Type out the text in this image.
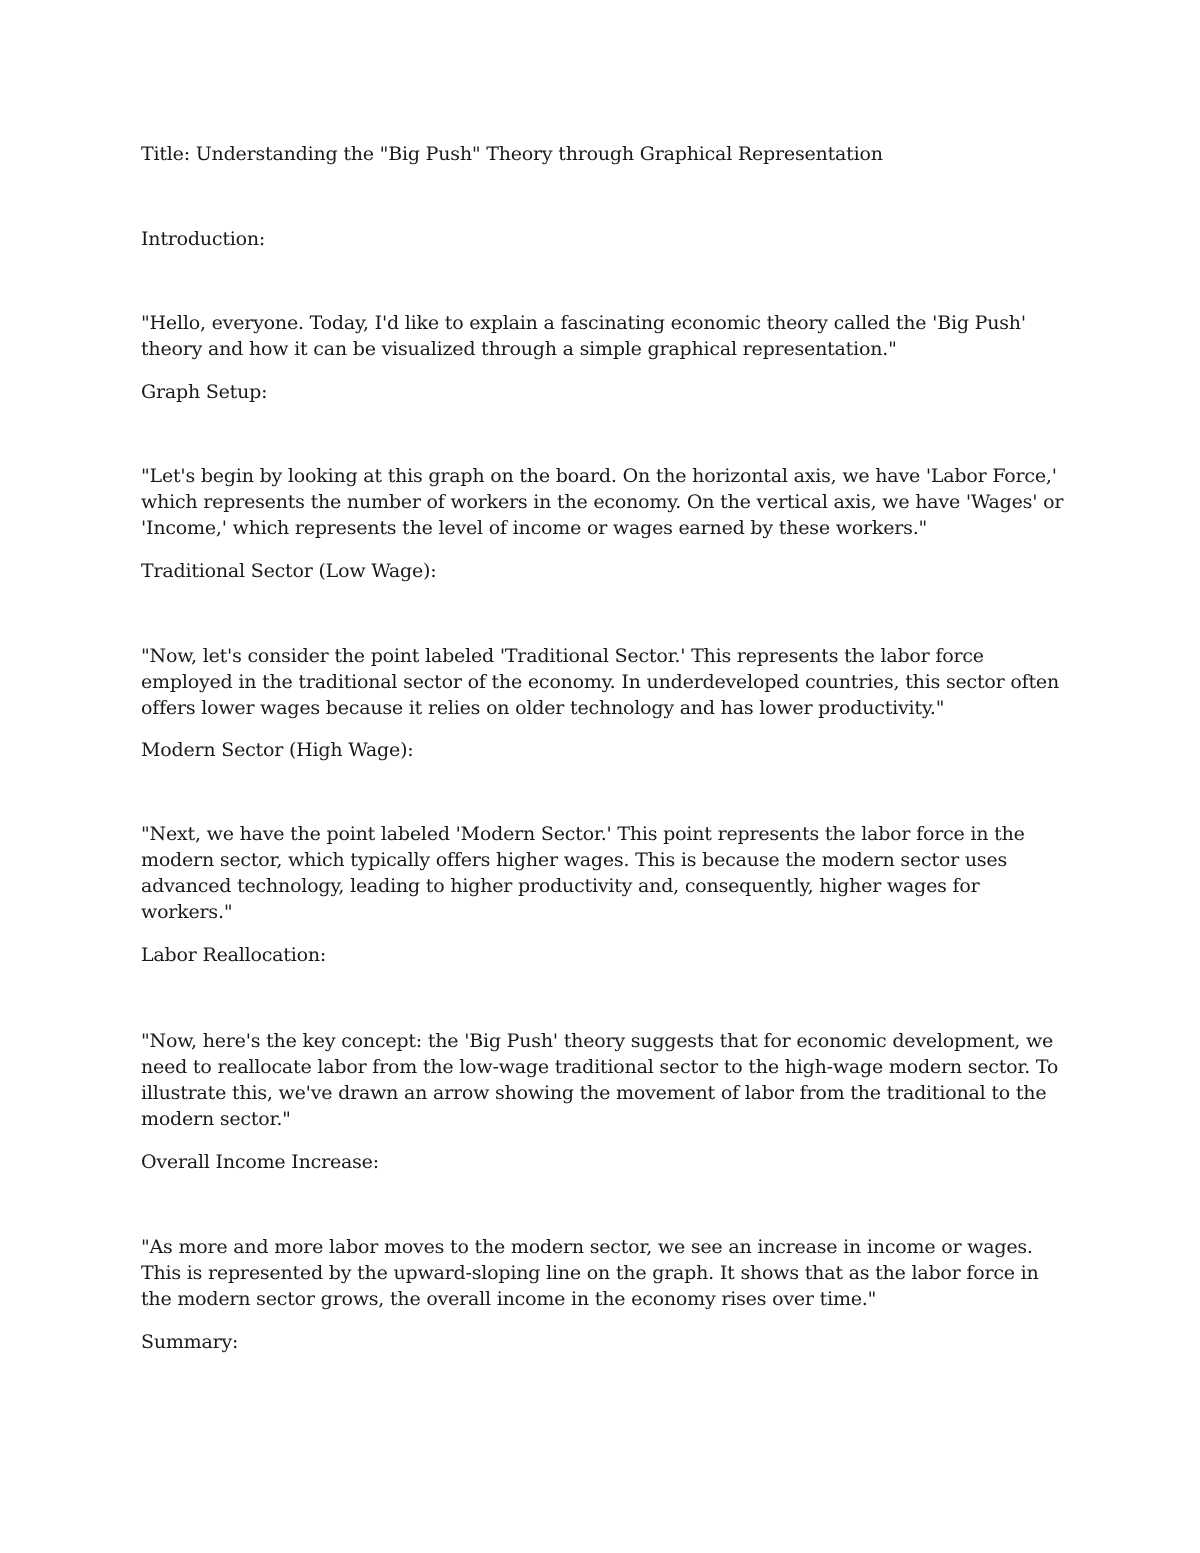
Title: Understanding the "Big Push" Theory through Graphical Representation

Introduction:

"Hello, everyone. Today, I'd like to explain a fascinating economic theory called the 'Big Push' theory and how it can be visualized through a simple graphical representation."

Graph Setup:

"Let's begin by looking at this graph on the board. On the horizontal axis, we have 'Labor Force,' which represents the number of workers in the economy. On the vertical axis, we have 'Wages' or 'Income,' which represents the level of income or wages earned by these workers."

Traditional Sector (Low Wage):

"Now, let's consider the point labeled 'Traditional Sector.' This represents the labor force employed in the traditional sector of the economy. In underdeveloped countries, this sector often offers lower wages because it relies on older technology and has lower productivity."

Modern Sector (High Wage):

"Next, we have the point labeled 'Modern Sector.' This point represents the labor force in the modern sector, which typically offers higher wages. This is because the modern sector uses advanced technology, leading to higher productivity and, consequently, higher wages for workers."

Labor Reallocation:

"Now, here's the key concept: the 'Big Push' theory suggests that for economic development, we need to reallocate labor from the low-wage traditional sector to the high-wage modern sector. To illustrate this, we've drawn an arrow showing the movement of labor from the traditional to the modern sector."

Overall Income Increase:

"As more and more labor moves to the modern sector, we see an increase in income or wages. This is represented by the upward-sloping line on the graph. It shows that as the labor force in the modern sector grows, the overall income in the economy rises over time."

Summary:
